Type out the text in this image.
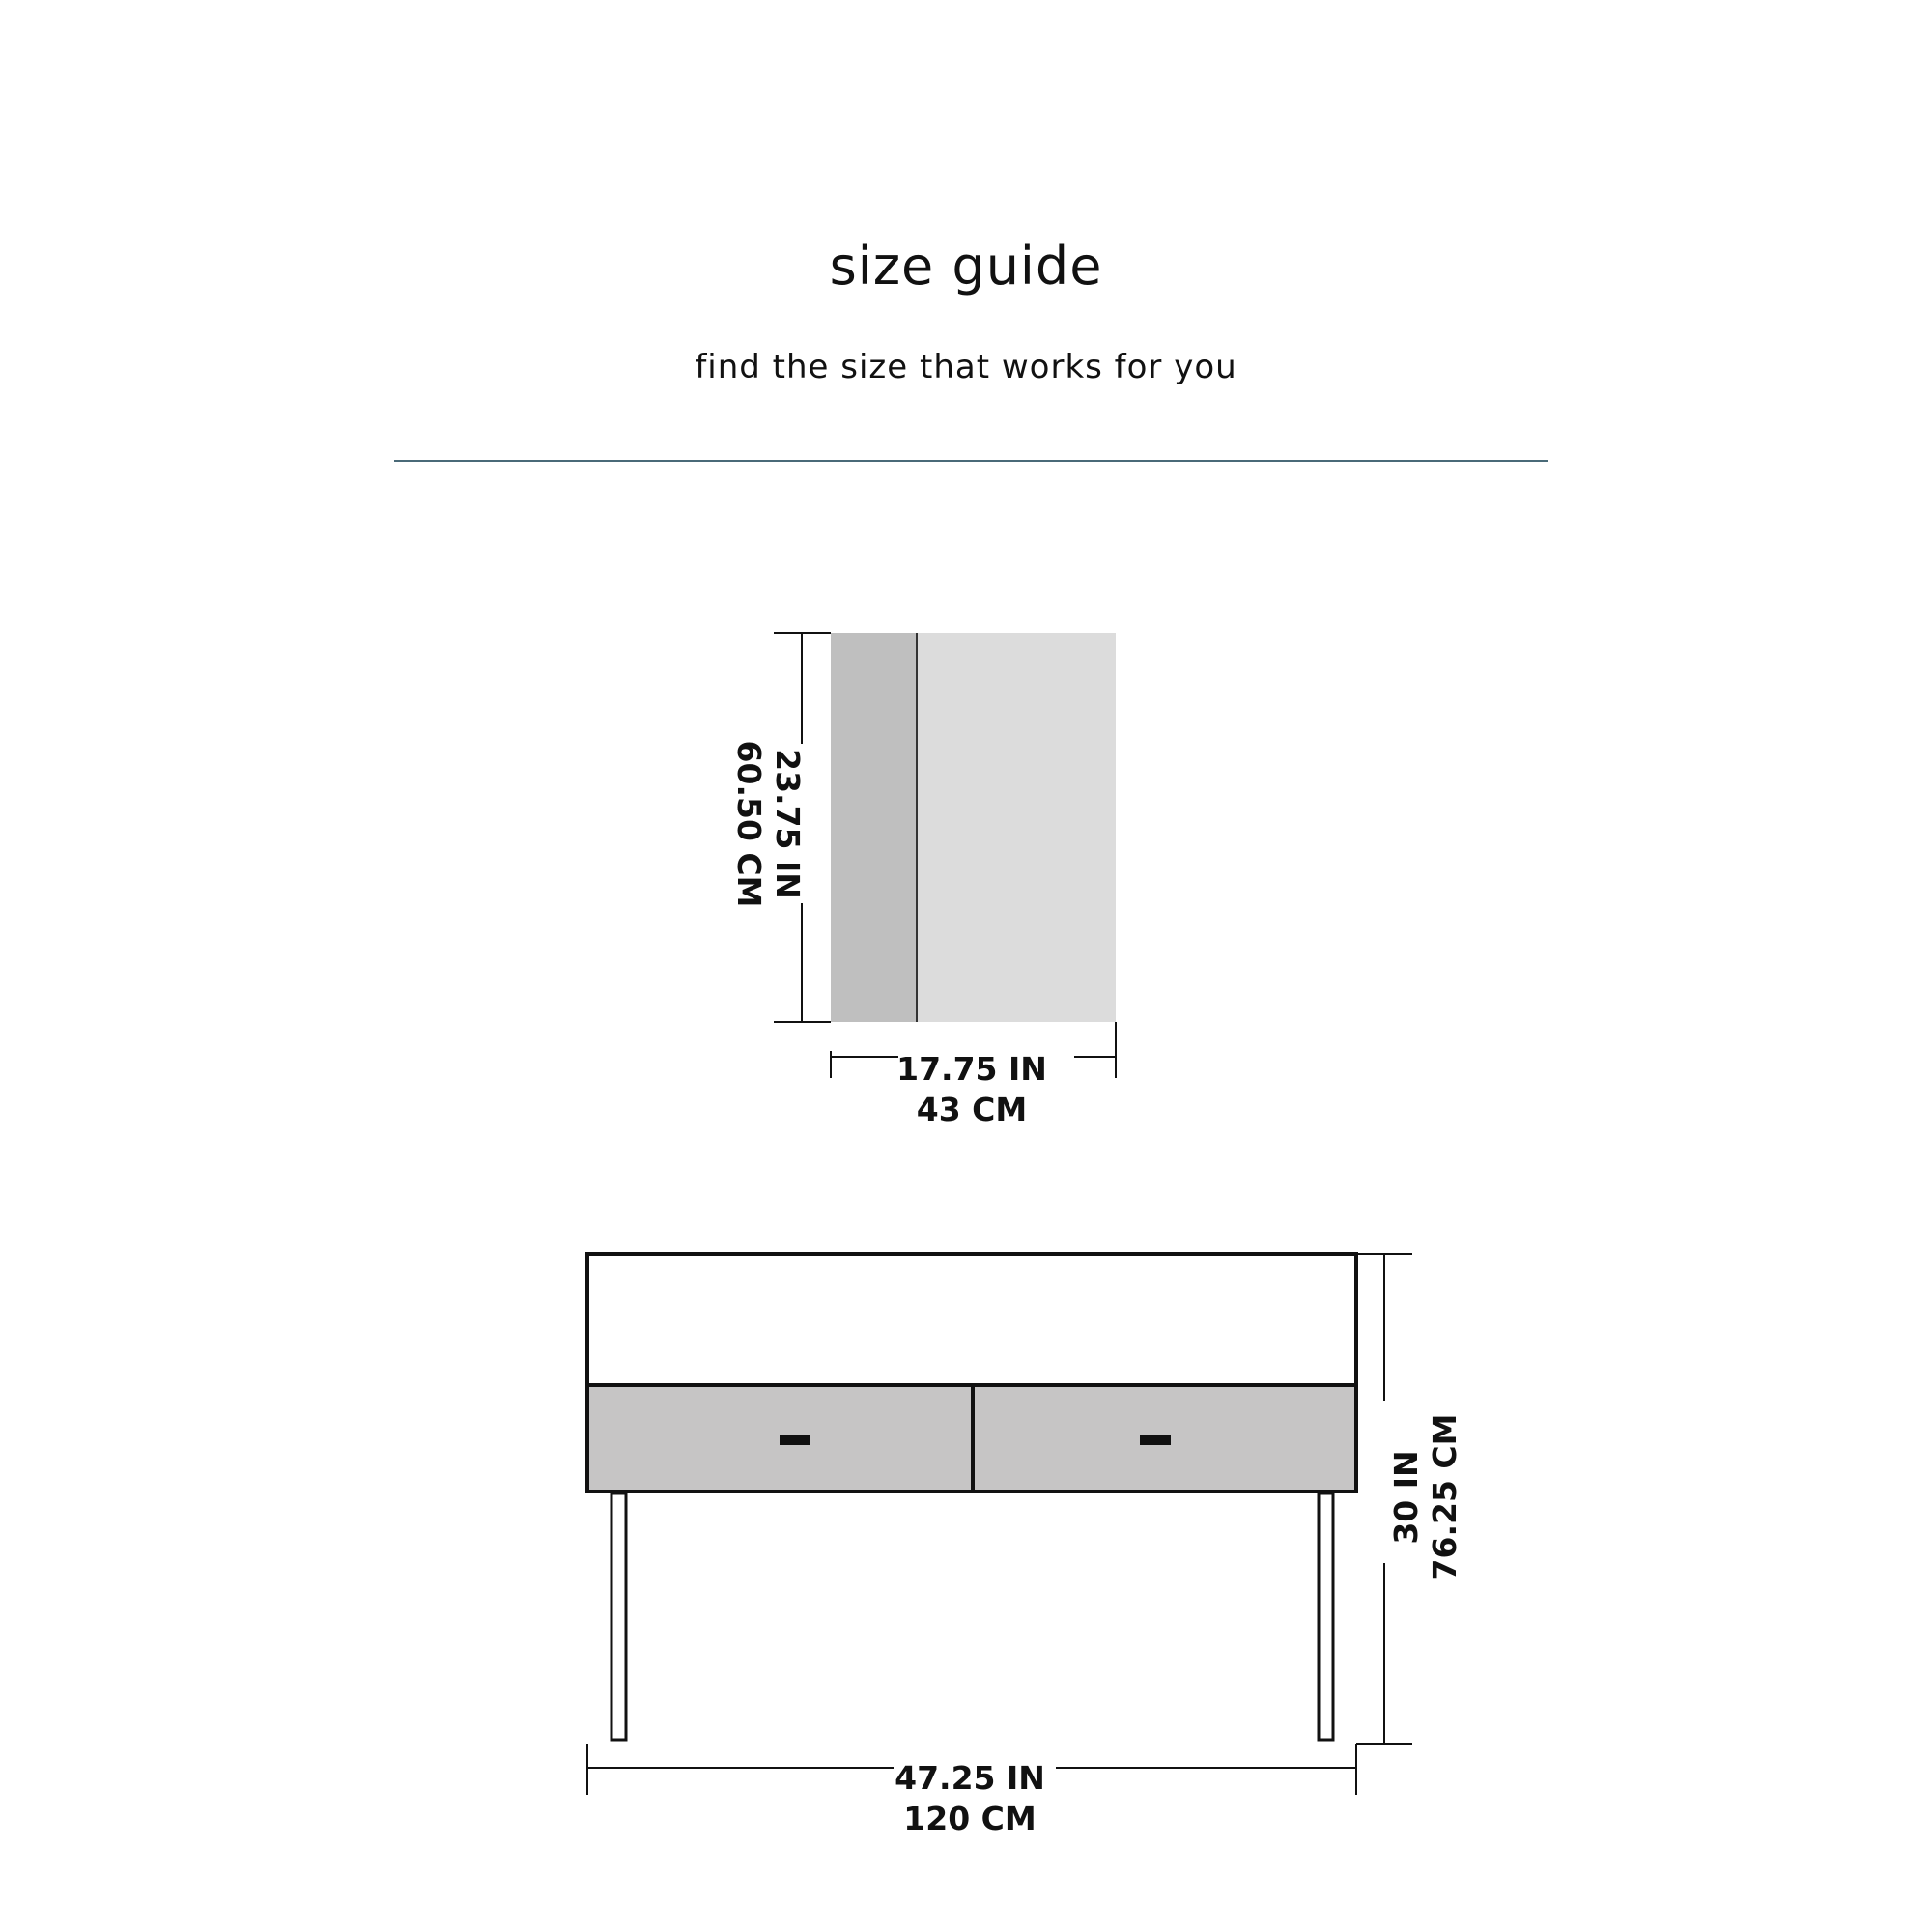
size guide

find the size that works for you

23.75 IN
60.50 CM
17.75 IN
43 CM
30 IN 76.25 CM
47.25 IN
120 CM
